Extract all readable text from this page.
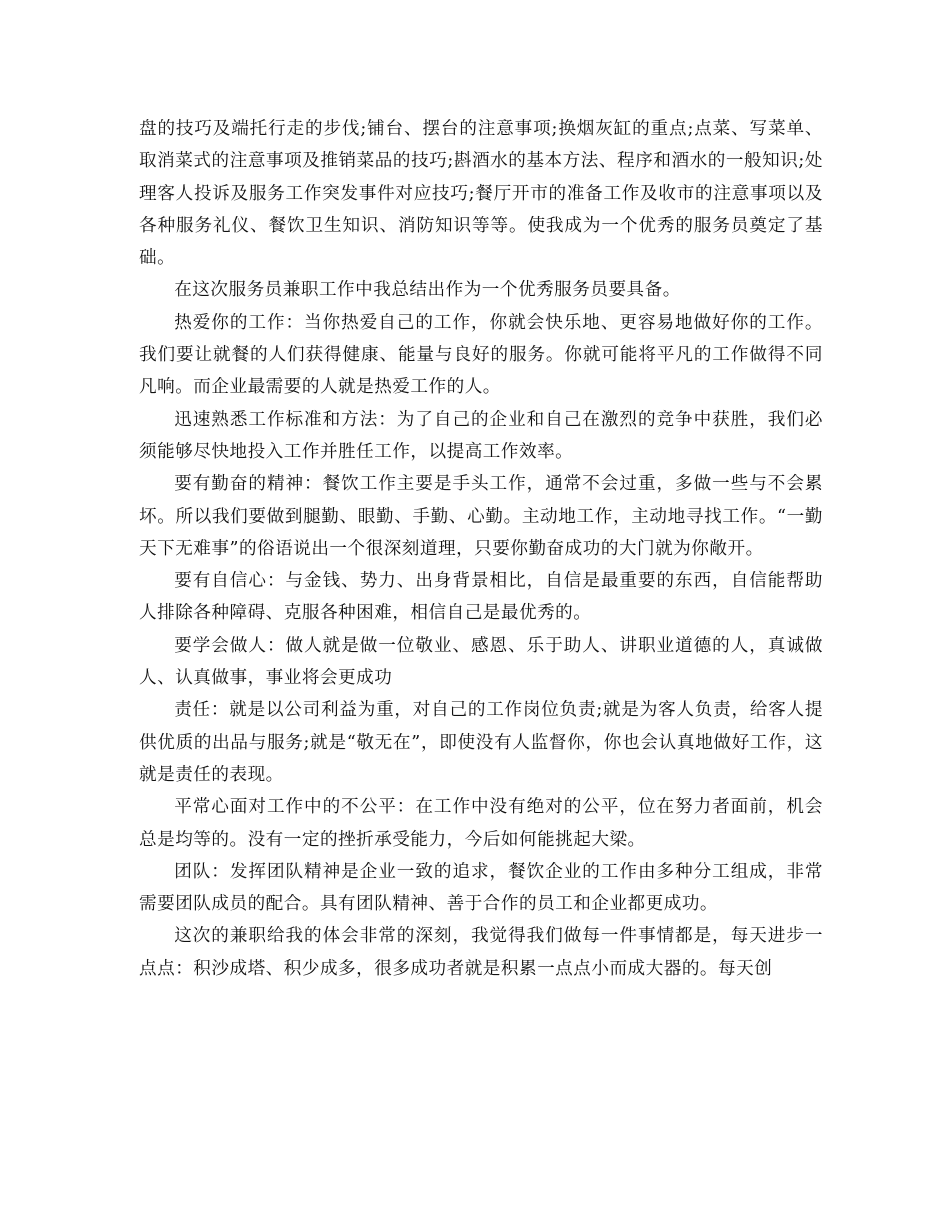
盘的技巧及端托行走的步伐;铺台、摆台的注意事项;换烟灰缸的重点;点菜、写菜单、取消菜式的注意事项及推销菜品的技巧;斟酒水的基本方法、程序和酒水的一般知识;处理客人投诉及服务工作突发事件对应技巧;餐厅开市的准备工作及收市的注意事项以及各种服务礼仪、餐饮卫生知识、消防知识等等。使我成为一个优秀的服务员奠定了基础。

在这次服务员兼职工作中我总结出作为一个优秀服务员要具备。

热爱你的工作：当你热爱自己的工作，你就会快乐地、更容易地做好你的工作。我们要让就餐的人们获得健康、能量与良好的服务。你就可能将平凡的工作做得不同凡响。而企业最需要的人就是热爱工作的人。

迅速熟悉工作标准和方法：为了自己的企业和自己在激烈的竞争中获胜，我们必须能够尽快地投入工作并胜任工作，以提高工作效率。

要有勤奋的精神：餐饮工作主要是手头工作，通常不会过重，多做一些与不会累坏。所以我们要做到腿勤、眼勤、手勤、心勤。主动地工作，主动地寻找工作。“一勤天下无难事”的俗语说出一个很深刻道理，只要你勤奋成功的大门就为你敞开。

要有自信心：与金钱、势力、出身背景相比，自信是最重要的东西，自信能帮助人排除各种障碍、克服各种困难，相信自己是最优秀的。

要学会做人：做人就是做一位敬业、感恩、乐于助人、讲职业道德的人，真诚做人、认真做事，事业将会更成功

责任：就是以公司利益为重，对自己的工作岗位负责;就是为客人负责，给客人提供优质的出品与服务;就是“敬无在”，即使没有人监督你，你也会认真地做好工作，这就是责任的表现。

平常心面对工作中的不公平：在工作中没有绝对的公平，位在努力者面前，机会总是均等的。没有一定的挫折承受能力，今后如何能挑起大梁。

团队：发挥团队精神是企业一致的追求，餐饮企业的工作由多种分工组成，非常需要团队成员的配合。具有团队精神、善于合作的员工和企业都更成功。

这次的兼职给我的体会非常的深刻，我觉得我们做每一件事情都是，每天进步一点点：积沙成塔、积少成多，很多成功者就是积累一点点小而成大器的。每天创
